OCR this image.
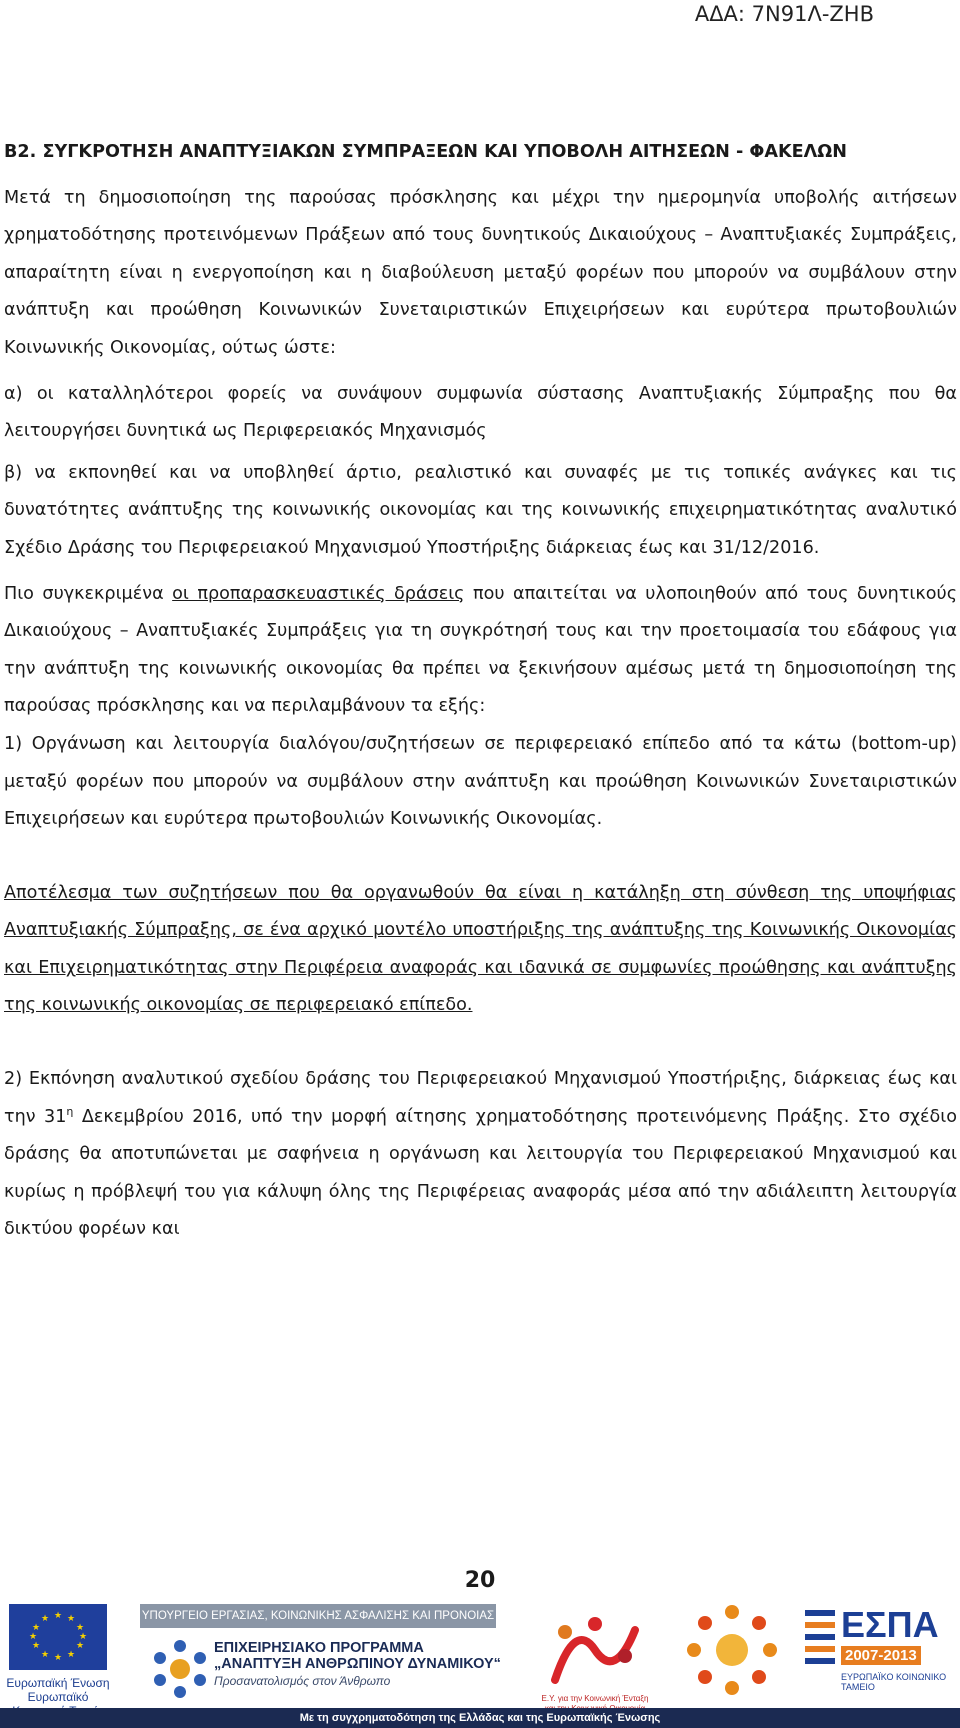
ΑΔΑ: 7Ν91Λ-ΖΗΒ

B2. ΣΥΓΚΡΟΤΗΣΗ ΑΝΑΠΤΥΞΙΑΚΩΝ ΣΥΜΠΡΑΞΕΩΝ ΚΑΙ ΥΠΟΒΟΛΗ ΑΙΤΗΣΕΩΝ - ΦΑΚΕΛΩΝ

Μετά τη δημοσιοποίηση της παρούσας πρόσκλησης και μέχρι την ημερομηνία υποβολής αιτήσεων χρηματοδότησης προτεινόμενων Πράξεων από τους δυνητικούς Δικαιούχους – Αναπτυξιακές Συμπράξεις, απαραίτητη είναι η ενεργοποίηση και η διαβούλευση μεταξύ φορέων που μπορούν να συμβάλουν στην ανάπτυξη και προώθηση Κοινωνικών Συνεταιριστικών Επιχειρήσεων και ευρύτερα πρωτοβουλιών Κοινωνικής Οικονομίας, ούτως ώστε:

α) οι καταλληλότεροι φορείς να συνάψουν συμφωνία σύστασης Αναπτυξιακής Σύμπραξης που θα λειτουργήσει δυνητικά ως Περιφερειακός Μηχανισμός

β) να εκπονηθεί και να υποβληθεί άρτιο, ρεαλιστικό και συναφές με τις τοπικές ανάγκες και τις δυνατότητες ανάπτυξης της κοινωνικής οικονομίας και της κοινωνικής επιχειρηματικότητας αναλυτικό Σχέδιο Δράσης του Περιφερειακού Μηχανισμού Υποστήριξης διάρκειας έως και 31/12/2016.

Πιο συγκεκριμένα οι προπαρασκευαστικές δράσεις που απαιτείται να υλοποιηθούν από τους δυνητικούς Δικαιούχους – Αναπτυξιακές Συμπράξεις για τη συγκρότησή τους και την προετοιμασία του εδάφους για την ανάπτυξη της κοινωνικής οικονομίας θα πρέπει να ξεκινήσουν αμέσως μετά τη δημοσιοποίηση της παρούσας πρόσκλησης και να περιλαμβάνουν τα εξής:

1) Οργάνωση και λειτουργία διαλόγου/συζητήσεων σε περιφερειακό επίπεδο από τα κάτω (bottom-up) μεταξύ φορέων που μπορούν να συμβάλουν στην ανάπτυξη και προώθηση Κοινωνικών Συνεταιριστικών Επιχειρήσεων και ευρύτερα πρωτοβουλιών Κοινωνικής Οικονομίας.

Αποτέλεσμα των συζητήσεων που θα οργανωθούν θα είναι η κατάληξη στη σύνθεση της υποψήφιας Αναπτυξιακής Σύμπραξης, σε ένα αρχικό μοντέλο υποστήριξης της ανάπτυξης της Κοινωνικής Οικονομίας και Επιχειρηματικότητας στην Περιφέρεια αναφοράς και ιδανικά σε συμφωνίες προώθησης και ανάπτυξης της κοινωνικής οικονομίας σε περιφερειακό επίπεδο.

2) Εκπόνηση αναλυτικού σχεδίου δράσης του Περιφερειακού Μηχανισμού Υποστήριξης, διάρκειας έως και την $31^\eta$ Δεκεμβρίου 2016, υπό την μορφή αίτησης χρηματοδότησης προτεινόμενης Πράξης. Στο σχέδιο δράσης θα αποτυπώνεται με σαφήνεια η οργάνωση και λειτουργία του Περιφερειακού Μηχανισμού και κυρίως η πρόβλεψή του για κάλυψη όλης της Περιφέρειας αναφοράς μέσα από την αδιάλειπτη λειτουργία δικτύου φορέων και

20
★ ★
★
★
★
★
★
★
★
★
★
★
Ευρωπαϊκή Ένωση
Ευρωπαϊκό
ΥΠΟΥΡΓΕΙΟ ΕΡΓΑΣΙΑΣ, ΚΟΙΝΩΝΙΚΗΣ ΑΣΦΑΛΙΣΗΣ ΚΑΙ ΠΡΟΝΟΙΑΣ
ΕΠΙΧΕΙΡΗΣΙΑΚΟ ΠΡΟΓΡΑΜΜΑ
„ΑΝΑΠΤΥΞΗ ΑΝΘΡΩΠΙΝΟΥ ΔΥΝΑΜΙΚΟΥ“
Προσανατολισμός στον Άνθρωπο
Ε.Υ. για την Κοινωνική Ένταξη
ΕΣΠΑ
2007-2013
ΕΥΡΩΠΑΪΚΟ ΚΟΙΝΩΝΙΚΟ ΤΑΜΕΙΟ
Με τη συγχρηματοδότηση της Ελλάδας και της Ευρωπαϊκής Ένωσης
